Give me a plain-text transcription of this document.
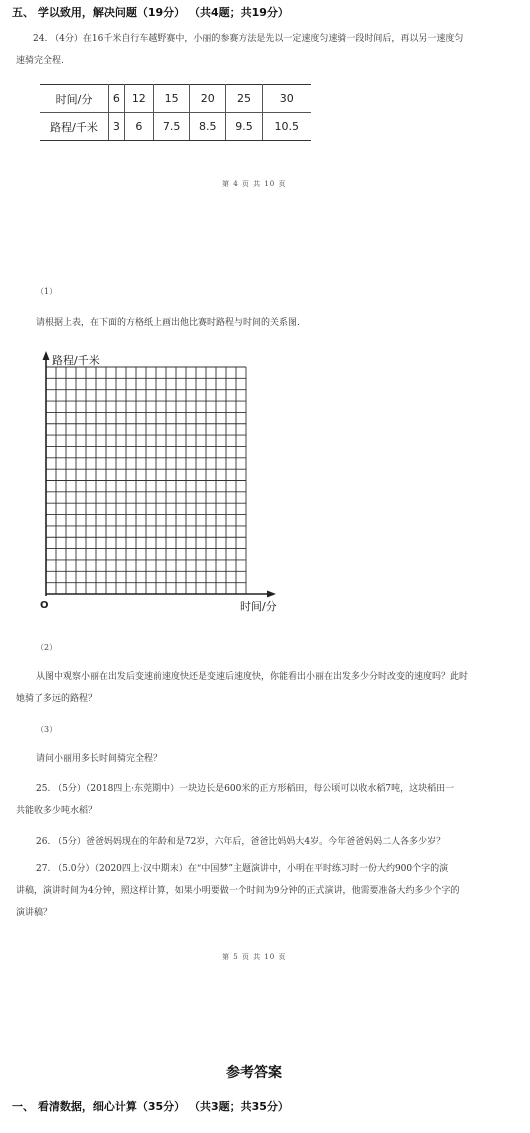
五、 学以致用，解决问题（19分） （共4题；共19分）
24. （4分）在16千米自行车越野赛中，小丽的参赛方法是先以一定速度匀速骑一段时间后，再以另一速度匀
速骑完全程.
时间/分	6	12	15	20	25	30
路程/千米	3	6	7.5	8.5	9.5	10.5
第 4 页 共 10 页
（1）
请根据上表，在下面的方格纸上画出他比赛时路程与时间的关系图.
路程/千米
O	时间/分
（2）
从图中观察小丽在出发后变速前速度快还是变速后速度快，你能看出小丽在出发多少分时改变的速度吗？此时
她骑了多远的路程？
（3）
请问小丽用多长时间骑完全程？
25. （5分）（2018四上·东莞期中）一块边长是600米的正方形稻田，每公顷可以收水稻7吨，这块稻田一
共能收多少吨水稻？
26. （5分）爸爸妈妈现在的年龄和是72岁，六年后，爸爸比妈妈大4岁。今年爸爸妈妈二人各多少岁？
27. （5.0分）（2020四上·汉中期末）在“中国梦”主题演讲中，小明在平时练习时一份大约900个字的演
讲稿，演讲时间为4分钟，照这样计算，如果小明要做一个时间为9分钟的正式演讲，他需要准备大约多少个字的
演讲稿？
第 5 页 共 10 页
参考答案
一、 看清数据，细心计算（35分） （共3题；共35分）
